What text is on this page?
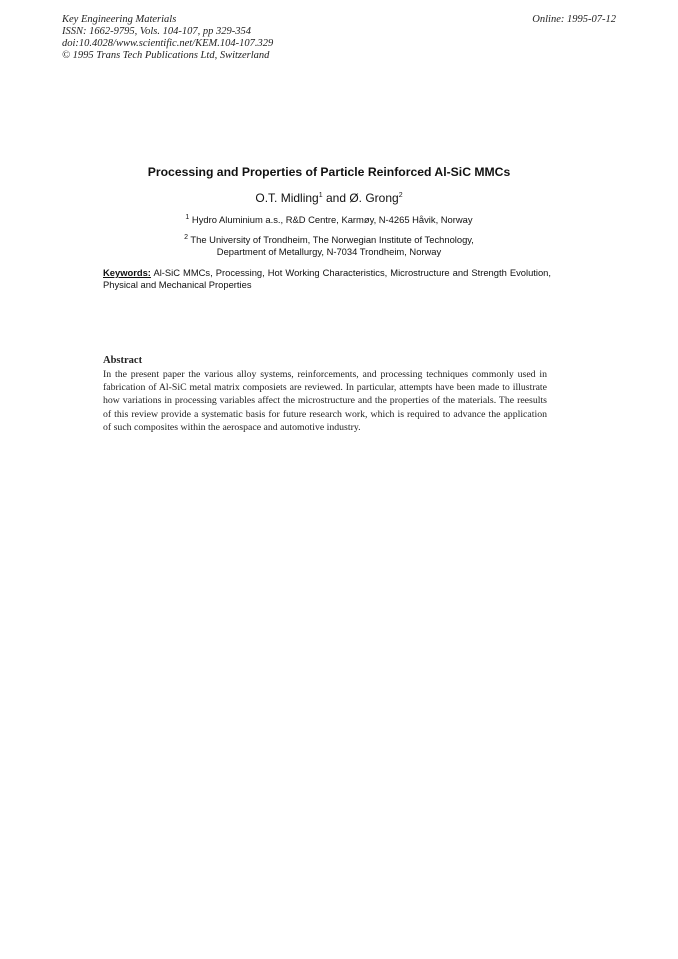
Key Engineering Materials
ISSN: 1662-9795, Vols. 104-107, pp 329-354
doi:10.4028/www.scientific.net/KEM.104-107.329
© 1995 Trans Tech Publications Ltd, Switzerland
Online: 1995-07-12
Processing and Properties of Particle Reinforced Al-SiC MMCs
O.T. Midling$^1$ and Ø. Grong$^2$
$^1$ Hydro Aluminium a.s., R&D Centre, Karmøy, N-4265 Håvik, Norway
$^2$ The University of Trondheim, The Norwegian Institute of Technology,
Department of Metallurgy, N-7034 Trondheim, Norway
Keywords: Al-SiC MMCs, Processing, Hot Working Characteristics, Microstructure and Strength Evolution, Physical and Mechanical Properties
Abstract
In the present paper the various alloy systems, reinforcements, and processing techniques commonly used in fabrication of Al-SiC metal matrix composiets are reviewed. In particular, attempts have been made to illustrate how variations in processing variables affect the microstructure and the properties of the materials. The reesults of this review provide a systematic basis for future research work, which is required to advance the application of such composites within the aerospace and automotive industry.
